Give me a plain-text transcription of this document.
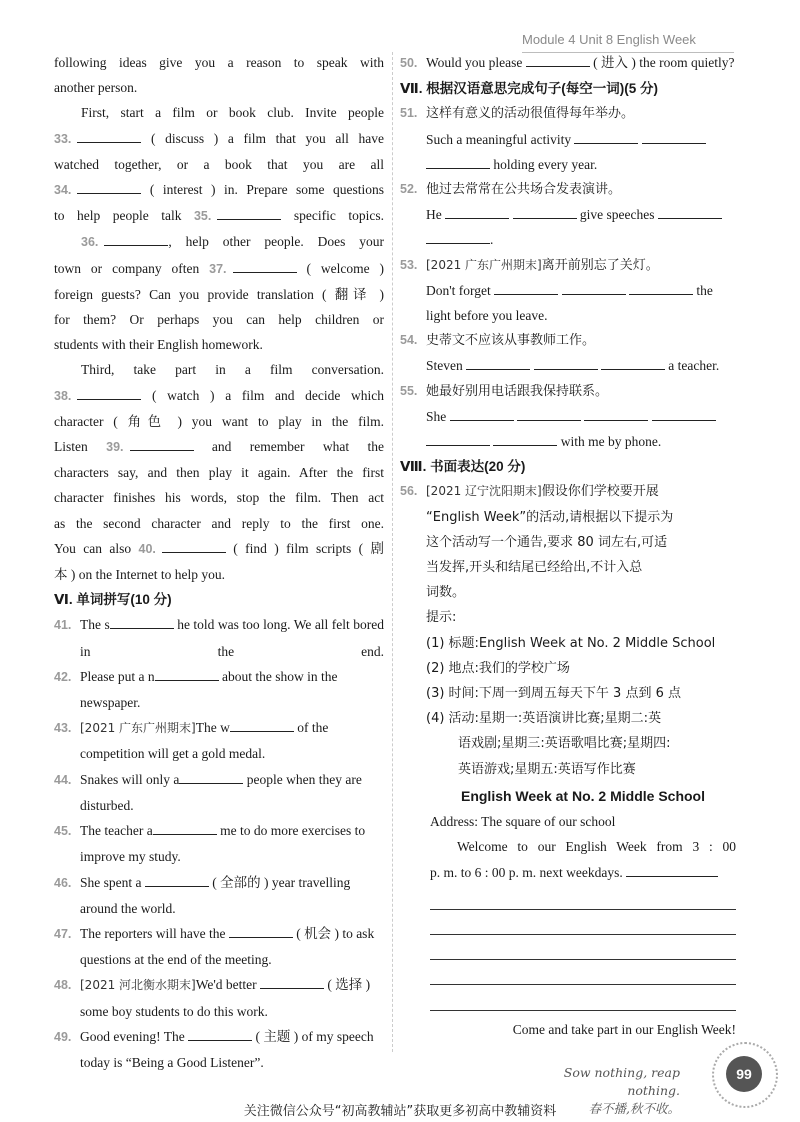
Module 4 Unit 8 English Week

following ideas give you a reason to speak with

another person.

First, start a film or book club. Invite people

33.	( discuss ) a film that you all have

watched together, or a book that you are all

34.	( interest ) in. Prepare some questions

to help people talk 35.	specific topics.

36.	, help other people. Does your

town or company often 37.	( welcome )

foreign guests? Can you provide translation ( 翻译 )

for them? Or perhaps you can help children or

students with their English homework.

Third, take part in a film conversation.

38.	( watch ) a film and decide which

character ( 角色 ) you want to play in the film.

Listen 39.	and remember what the

characters say, and then play it again. After the first

character finishes his words, stop the film. Then act

as the second character and reply to the first one.

You can also 40.	( find ) film scripts ( 剧

本 ) on the Internet to help you.

Ⅵ. 单词拼写(10 分)

41. The s	he told was too long. We all felt bored in the end.

42. Please put a n	about the show in the newspaper.

43. [2021 广东广州期末]The w	of the competition will get a gold medal.

44. Snakes will only a	people when they are disturbed.

45. The teacher a	me to do more exercises to improve my study.

46. She spent a	( 全部的 ) year travelling around the world.

47. The reporters will have the	( 机会 ) to ask questions at the end of the meeting.

48. [2021 河北衡水期末]We'd better	( 选择 ) some boy students to do this work.

49. Good evening! The	( 主题 ) of my speech today is “Being a Good Listener”.

50. Would you please	( 进入 ) the room quietly?

Ⅶ. 根据汉语意思完成句子(每空一词)(5 分)

51. 这样有意义的活动很值得每年举办。

Such a meaningful activity

holding every year.

52. 他过去常常在公共场合发表演讲。

He	give speeches

.

53. [2021 广东广州期末]离开前别忘了关灯。

Don't forget	the

light before you leave.

54. 史蒂文不应该从事教师工作。

Steven	a teacher.

55. 她最好别用电话跟我保持联系。

She

with me by phone.

Ⅷ. 书面表达(20 分)

56. [2021 辽宁沈阳期末]假设你们学校要开展

“English Week”的活动,请根据以下提示为

这个活动写一个通告,要求 80 词左右,可适

当发挥,开头和结尾已经给出,不计入总

词数。

提示:

(1) 标题:English Week at No. 2 Middle School

(2) 地点:我们的学校广场

(3) 时间:下周一到周五每天下午 3 点到 6 点

(4) 活动:星期一:英语演讲比赛;星期二:英

语戏剧;星期三:英语歌唱比赛;星期四:

英语游戏;星期五:英语写作比赛

English Week at No. 2 Middle School

Address: The square of our school

Welcome to our English Week from 3 : 00

p. m. to 6 : 00 p. m. next weekdays.

Come and take part in our English Week!

Sow nothing, reap nothing.
春不播,秋不收。
99
关注微信公众号“初高教辅站”获取更多初高中教辅资料
